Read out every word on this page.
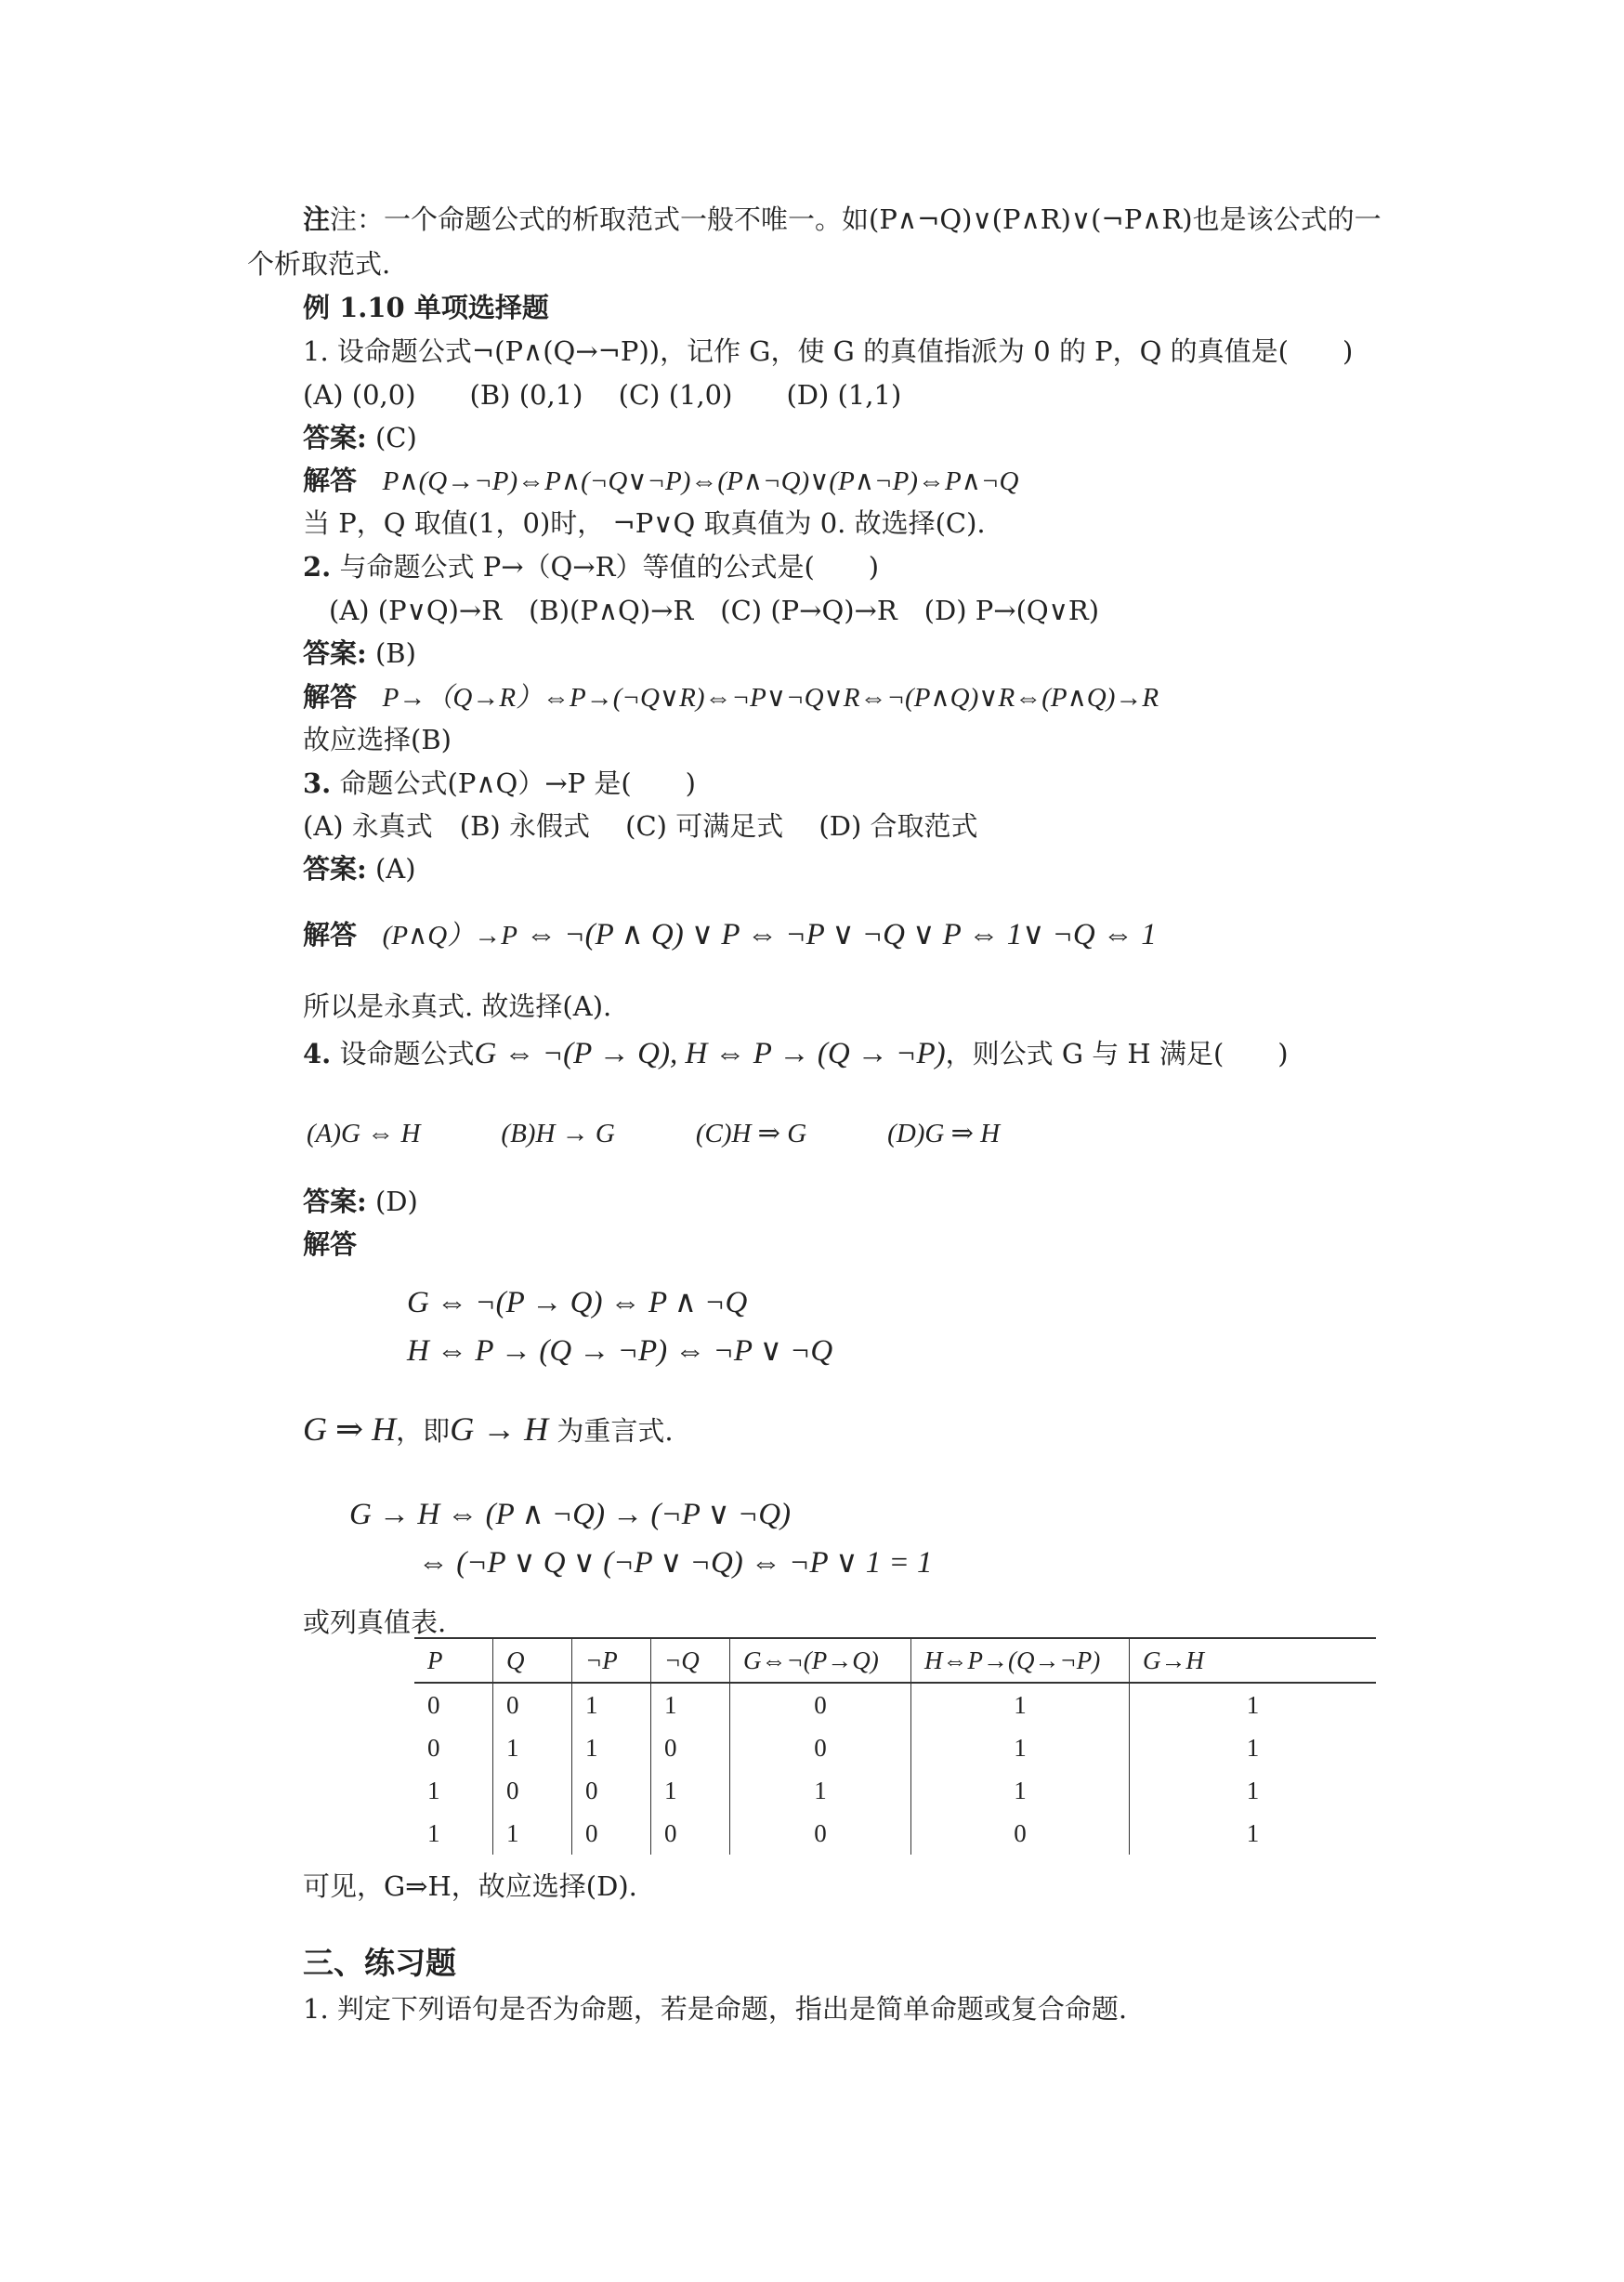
注注：一个命题公式的析取范式一般不唯一。如(P∧¬Q)∨(P∧R)∨(¬P∧R)也是该公式的一
个析取范式.
例 1.10 单项选择题
1. 设命题公式¬(P∧(Q→¬P))，记作 G，使 G 的真值指派为 0 的 P，Q 的真值是(　　)
(A) (0,0)　　(B) (0,1)　 (C) (1,0)　　(D) (1,1)
答案: (C)
解答 P∧(Q→¬P)⇔P∧(¬Q∨¬P)⇔(P∧¬Q)∨(P∧¬P)⇔P∧¬Q
当 P，Q 取值(1，0)时， ¬P∨Q 取真值为 0. 故选择(C).
2. 与命题公式 P→（Q→R）等值的公式是(　　)
(A) (P∨Q)→R　(B)(P∧Q)→R　(C) (P→Q)→R　(D) P→(Q∨R)
答案: (B)
解答 P→（Q→R）⇔P→(¬Q∨R)⇔¬P∨¬Q∨R⇔¬(P∧Q)∨R⇔(P∧Q)→R
故应选择(B)
3. 命题公式(P∧Q）→P 是(　　)
(A) 永真式　(B) 永假式　 (C) 可满足式　 (D) 合取范式
答案: (A)
解答 (P∧Q）→P ⇔ ¬(P ∧ Q) ∨ P ⇔ ¬P ∨ ¬Q ∨ P ⇔ 1∨ ¬Q ⇔ 1
所以是永真式. 故选择(A).
4. 设命题公式G ⇔ ¬(P → Q), H ⇔ P → (Q → ¬P)，则公式 G 与 H 满足(　　)
(A)G ⇔ H　　　(B)H → G　　　(C)H ⇒ G　　　(D)G ⇒ H
答案: (D)
解答
G ⇔ ¬(P → Q) ⇔ P ∧ ¬Q
H ⇔ P → (Q → ¬P) ⇔ ¬P ∨ ¬Q
G ⇒ H，即G → H 为重言式.
G → H ⇔ (P ∧ ¬Q) → (¬P ∨ ¬Q)
⇔ (¬P ∨ Q ∨ (¬P ∨ ¬Q) ⇔ ¬P ∨ 1 = 1
或列真值表.
P	Q	¬P	¬Q	G⇔¬(P→Q)	H⇔P→(Q→¬P)	G→H
0	0	1	1	0	1	1
0	1	1	0	0	1	1
1	0	0	1	1	1	1
1	1	0	0	0	0	1
可见，G⇒H，故应选择(D).
三、练习题
1. 判定下列语句是否为命题，若是命题，指出是简单命题或复合命题.
